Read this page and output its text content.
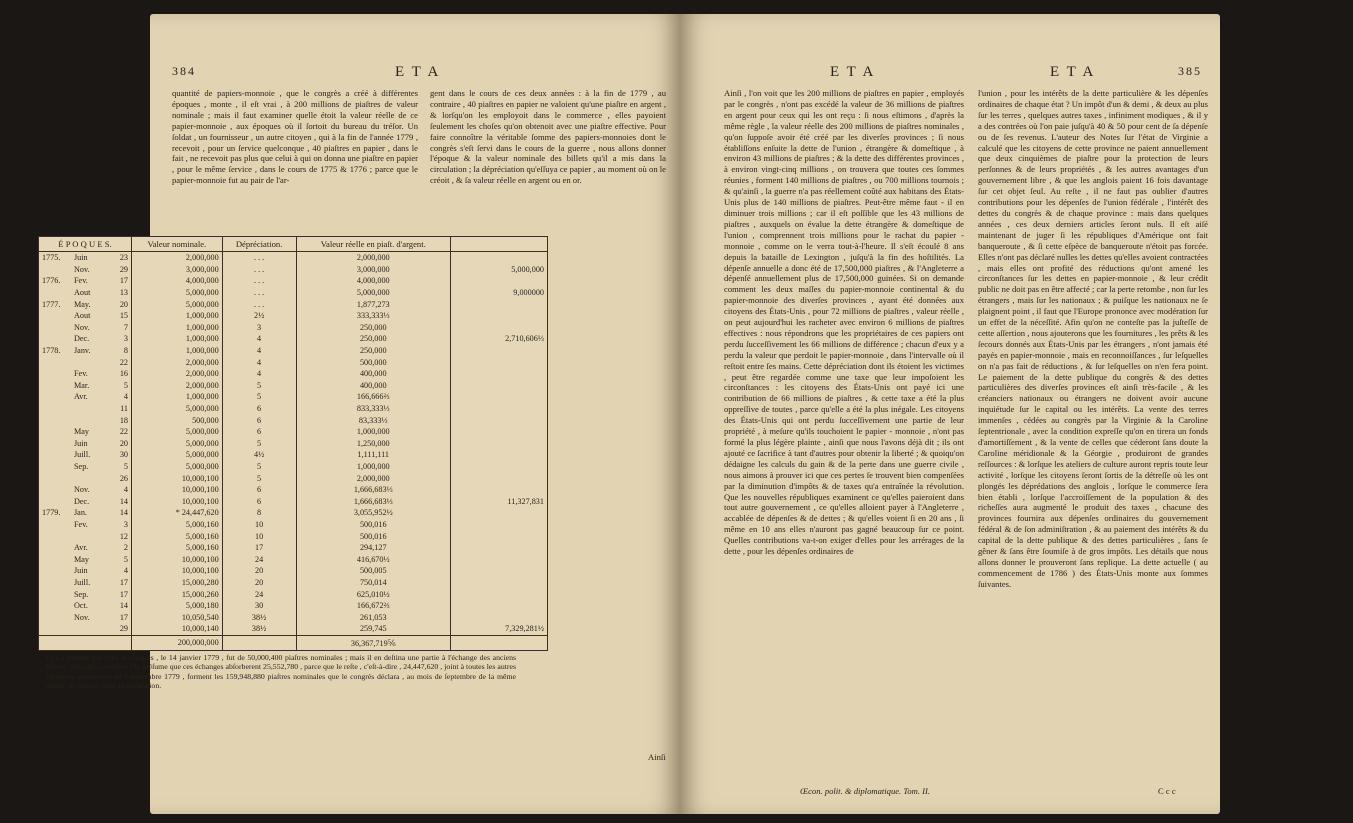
384	E T A

quantité de papiers-monnoie , que le congrès a créé à différentes époques , monte , il eſt vrai , à 200 millions de piaſtres de valeur nominale ; mais il faut examiner quelle étoit la valeur réelle de ce papier-monnoie , aux époques où il ſortoit du bureau du tréſor. Un ſoldat , un fournisseur , un autre citoyen , qui à la fin de l'année 1779 , recevoit , pour un ſervice quelconque , 40 piaſtres en papier , dans le fait , ne recevoit pas plus que celui à qui on donna une piaſtre en papier , pour le même ſervice , dans le cours de 1775 & 1776 ; parce que le papier-monnoie fut au pair de l'ar-

gent dans le cours de ces deux années : à la fin de 1779 , au contraire , 40 piaſtres en papier ne valoient qu'une piaſtre en argent , & lorſqu'on les employoit dans le commerce , elles payoient ſeulement les choſes qu'on obtenoit avec une piaſtre effective. Pour faire connoître la véritable ſomme des papiers-monnoies dont le congrès s'eſt ſervi dans le cours de la guerre , nous allons donner l'époque & la valeur nominale des billets qu'il a mis dans la circulation ; la dépréciation qu'eſſuya ce papier , au moment où on le créoit , & ſa valeur réelle en argent ou en or.

E T A	E T A	385

Ainſi , l'on voit que les 200 millions de piaſtres en papier , employés par le congrès , n'ont pas excédé la valeur de 36 millions de piaſtres en argent pour ceux qui les ont reçu : ſi nous eſtimons , d'après la même règle , la valeur réelle des 200 millions de piaſtres nominales , qu'on ſuppoſe avoir été créé par les diverſes provinces ; ſi nous établiſſons enſuite la dette de l'union , étrangère & domeſtique , à environ 43 millions de piaſtres ; & la dette des différentes provinces , à environ vingt-cinq millions , on trouvera que toutes ces ſommes réunies , forment 140 millions de piaſtres , ou 700 millions tournois ; & qu'ainſi , la guerre n'a pas réellement coûté aux habitans des États-Unis plus de 140 millions de piaſtres. Peut-être même faut - il en diminuer trois millions ; car il eſt poſſible que les 43 millions de piaſtres , auxquels on évalue la dette étrangère & domeſtique de l'union , comprennent trois millions pour le rachat du papier - monnoie , comme on le verra tout-à-l'heure. Il s'eſt écoulé 8 ans depuis la bataille de Lexington , juſqu'à la fin des hoſtilités. La dépenſe annuelle a donc été de 17,500,000 piaſtres , & l'Angleterre a dépenſé annuellement plus de 17,500,000 guinées. Si on demande comment les deux maſſes du papier-monnoie continental & du papier-monnoie des diverſes provinces , ayant été données aux citoyens des États-Unis , pour 72 millions de piaſtres , valeur réelle , on peut aujourd'hui les racheter avec environ 6 millions de piaſtres effectives : nous répondrons que les propriétaires de ces papiers ont perdu ſucceſſivement les 66 millions de différence ; chacun d'eux y a perdu la valeur que perdoit le papier-monnoie , dans l'intervalle où il reſtoit entre ſes mains. Cette dépréciation dont ils étoient les victimes , peut être regardée comme une taxe que leur impoſoient les circonſtances : les citoyens des États-Unis ont payé ici une contribution de 66 millions de piaſtres , & cette taxe a été la plus oppreſſive de toutes , parce qu'elle a été la plus inégale. Les citoyens des États-Unis qui ont perdu ſucceſſivement une partie de leur propriété , à meſure qu'ils touchoient le papier - monnoie , n'ont pas formé la plus légère plainte , ainſi que nous l'avons déjà dit ; ils ont ajouté ce ſacrifice à tant d'autres pour obtenir la liberté ; & quoiqu'on dédaigne les calculs du gain & de la perte dans une guerre civile , nous aimons à prouver ici que ces pertes ſe trouvent bien compenſées par la diminution d'impôts & de taxes qu'a entraînée la révolution. Que les nouvelles républiques examinent ce qu'elles paieroient dans tout autre gouvernement , ce qu'elles alloient payer à l'Angleterre , accablée de dépenſes & de dettes ; & qu'elles voient ſi en 20 ans , ſi même en 10 ans elles n'auront pas gagné beaucoup ſur ce point. Quelles contributions va-t-on exiger d'elles pour les arrérages de la dette , pour les dépenſes ordinaires de

l'union , pour les intérêts de la dette particulière & les dépenſes ordinaires de chaque état ? Un impôt d'un & demi , & deux au plus ſur les terres , quelques autres taxes , infiniment modiques , & il y a des contrées où l'on paie juſqu'à 40 & 50 pour cent de ſa dépenſe ou de ſes revenus. L'auteur des Notes ſur l'état de Virginie a calculé que les citoyens de cette province ne paient annuellement que deux cinquièmes de piaſtre pour la protection de leurs perſonnes & de leurs propriétés , & les autres avantages d'un gouvernement libre , & que les anglois paient 16 fois davantage ſur cet objet ſeul. Au reſte , il ne faut pas oublier d'autres contributions pour les dépenſes de l'union fédérale , l'intérêt des dettes du congrès & de chaque province : mais dans quelques années , ces deux derniers articles ſeront nuls. Il eſt aiſé maintenant de juger ſi les républiques d'Amérique ont fait banqueroute , & ſi cette eſpèce de banqueroute n'étoit pas forcée. Elles n'ont pas déclaré nulles les dettes qu'elles avoient contractées , mais elles ont profité des réductions qu'ont amené les circonſtances ſur les dettes en papier-monnoie , & leur crédit public ne doit pas en être affecté ; car la perte retombe , non ſur les étrangers , mais ſur les nationaux ; & puiſque les nationaux ne ſe plaignent point , il faut que l'Europe prononce avec modération ſur un effet de la néceſſité. Afin qu'on ne conteſte pas la juſteſſe de cette aſſertion , nous ajouterons que les fournitures , les prêts & les ſecours donnés aux États-Unis par les étrangers , n'ont jamais été payés en papier-monnoie , mais en reconnoiſſances , ſur leſquelles on n'a pas fait de réductions , & ſur leſquelles on n'en fera point. Le paiement de la dette publique du congrès & des dettes particulières des diverſes provinces eſt ainſi très-facile , & les créanciers nationaux ou étrangers ne doivent avoir aucune inquiétude ſur le capital ou les intérêts. La vente des terres immenſes , cédées au congrès par la Virginie & la Caroline ſeptentrionale , avec la condition expreſſe qu'on en tirera un fonds d'amortiſſement , & la vente de celles que céderont ſans doute la Caroline méridionale & la Géorgie , produiront de grandes reſſources : & lorſque les ateliers de culture auront repris toute leur activité , lorſque les citoyens ſeront ſortis de la détreſſe où les ont plongés les déprédations des anglois , lorſque le commerce ſera bien établi , lorſque l'accroiſſement de la population & des richeſſes aura augmenté le produit des taxes , chacune des provinces fournira aux dépenſes ordinaires du gouvernement fédéral & de ſon adminiſtration , & au paiement des intérêts & du capital de la dette publique & des dettes particulières , ſans ſe gêner & ſans être ſoumiſe à de gros impôts. Les détails que nous allons donner le prouveront ſans replique. La dette actuelle ( au commencement de 1786 ) des États-Unis monte aux ſommes ſuivantes.

Œcon. polit. & diplomatique. Tom. II.	C c c
É P O Q U E S.			Valeur nominale.	Dépréciation.	Valeur réelle en piaſt. d'argent.	
1775.	Juin	23	2,000,000	. . .	2,000,000	
	Nov.	29	3,000,000	. . .	3,000,000	5,000,000
1776.	Fev.	17	4,000,000	. . .	4,000,000	
	Aout	13	5,000,000	. . .	5,000,000	9,000000
1777.	May.	20	5,000,000	. . .	1,877,273	
	Aout	15	1,000,000	2½	333,333⅓	
	Nov.	7	1,000,000	3	250,000	
	Dec.	3	1,000,000	4	250,000	2,710,606⅓
1778.	Janv.	8	1,000,000	4	250,000	
		22	2,000,000	4	500,000	
	Fev.	16	2,000,000	4	400,000	
	Mar.	5	2,000,000	5	400,000	
	Avr.	4	1,000,000	5	166,666⅔	
		11	5,000,000	6	833,333⅓	
		18	500,000	6	83,333⅓	
	May	22	5,000,000	6	1,000,000	
	Juin	20	5,000,000	5	1,250,000	
	Juill.	30	5,000,000	4½	1,111,111	
	Sep.	5	5,000,000	5	1,000,000	
		26	10,000,100	5	2,000,000	
	Nov.	4	10,000,100	6	1,666,683⅓	
	Dec.	14	10,000,100	6	1,666,683⅓	11,327,831
1779.	Jan.	14	* 24,447,620	8	3,055,952½	
	Fev.	3	5,000,160	10	500,016	
		12	5,000,160	10	500,016	
	Avr.	2	5,000,160	17	294,127	
	May	5	10,000,100	24	416,670½	
	Juin	4	10,000,100	20	500,005	
	Juill.	17	15,000,280	20	750,014	
	Sep.	17	15,000,260	24	625,010½	
	Oct.	14	5,000,180	30	166,672⅔	
	Nov.	17	10,050,540	38½	261,053	
		29	10,000,140	38½	259,745	7,329,281½
			200,000,000		36,367,719⅚	
( ) La ſomme que vota le congrès , le 14 janvier 1779 , fut de 50,000,400 piaſtres nominales ; mais il en deſtina une partie à l'échange des anciens billets , ſans dire combien. On préſume que ces échanges abſorberent 25,552,780 , parce que le reſte , c'eſt-à-dire , 24,447,620 , joint à toutes les autres créations antérieures au 3 ſeptembre 1779 , forment les 159,948,880 piaſtres nominales que le congrès déclara , au mois de ſeptembre de la même année , ſe trouver dans la circulation.
Ainſi
